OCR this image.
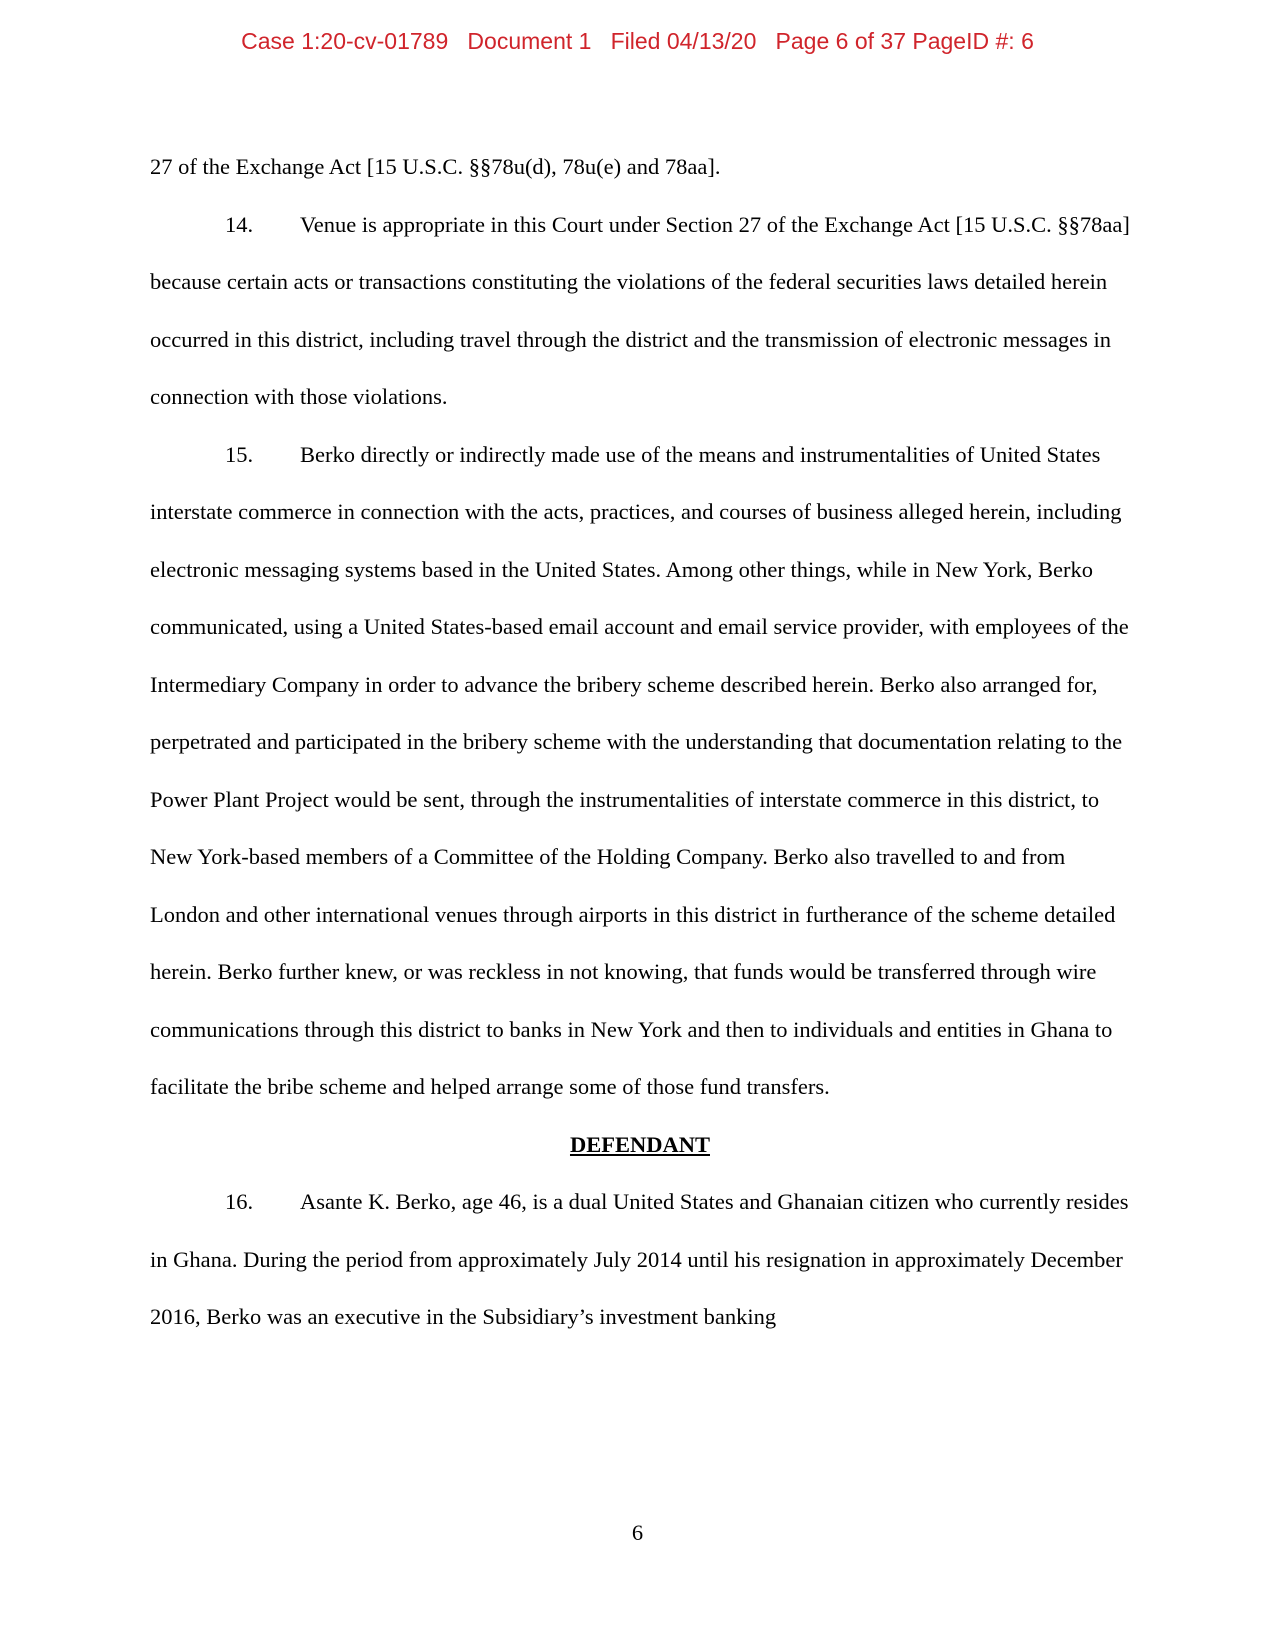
Case 1:20-cv-01789   Document 1   Filed 04/13/20   Page 6 of 37 PageID #: 6

27 of the Exchange Act [15 U.S.C. §§78u(d), 78u(e) and 78aa].

14. Venue is appropriate in this Court under Section 27 of the Exchange Act [15 U.S.C. §§78aa] because certain acts or transactions constituting the violations of the federal securities laws detailed herein occurred in this district, including travel through the district and the transmission of electronic messages in connection with those violations.

15. Berko directly or indirectly made use of the means and instrumentalities of United States interstate commerce in connection with the acts, practices, and courses of business alleged herein, including electronic messaging systems based in the United States. Among other things, while in New York, Berko communicated, using a United States-based email account and email service provider, with employees of the Intermediary Company in order to advance the bribery scheme described herein. Berko also arranged for, perpetrated and participated in the bribery scheme with the understanding that documentation relating to the Power Plant Project would be sent, through the instrumentalities of interstate commerce in this district, to New York-based members of a Committee of the Holding Company. Berko also travelled to and from London and other international venues through airports in this district in furtherance of the scheme detailed herein. Berko further knew, or was reckless in not knowing, that funds would be transferred through wire communications through this district to banks in New York and then to individuals and entities in Ghana to facilitate the bribe scheme and helped arrange some of those fund transfers.

DEFENDANT

16. Asante K. Berko, age 46, is a dual United States and Ghanaian citizen who currently resides in Ghana. During the period from approximately July 2014 until his resignation in approximately December 2016, Berko was an executive in the Subsidiary’s investment banking

6
